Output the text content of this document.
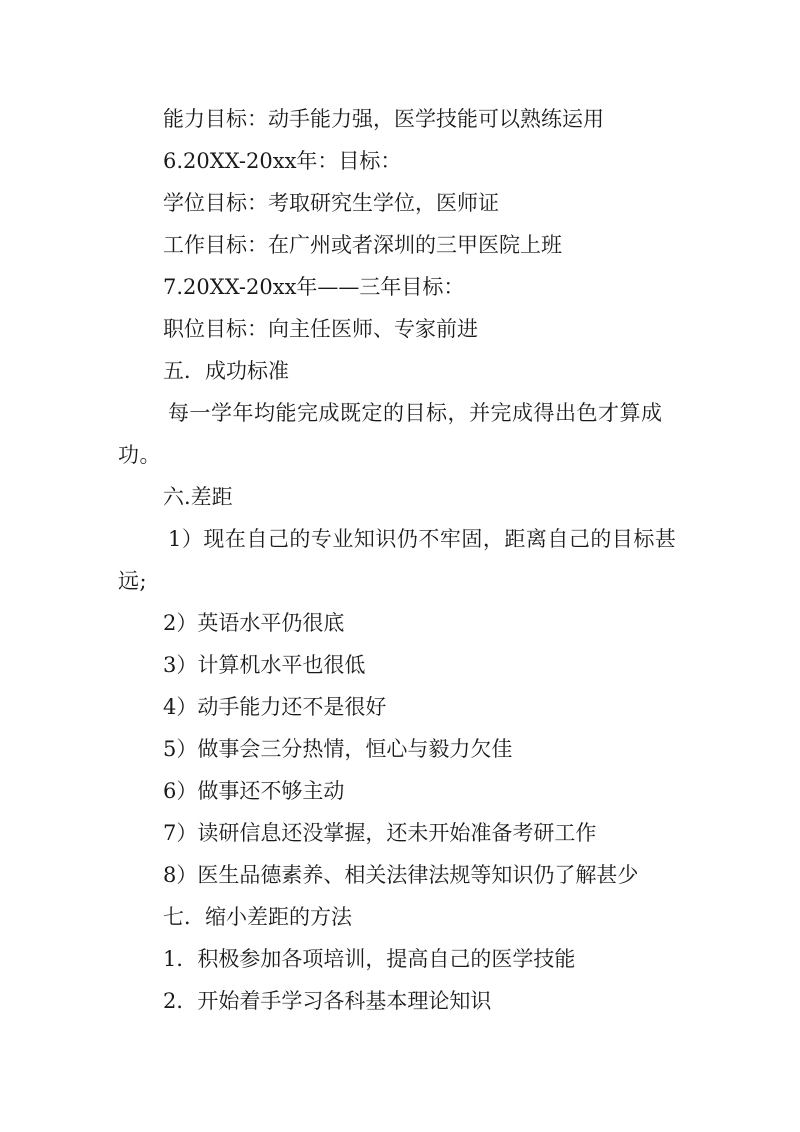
能力目标：动手能力强，医学技能可以熟练运用
6.20XX-20xx年：目标：
学位目标：考取研究生学位，医师证
工作目标：在广州或者深圳的三甲医院上班
7.20XX-20xx年——三年目标：
职位目标：向主任医师、专家前进
五．成功标准
每一学年均能完成既定的目标，并完成得出色才算成
功。
六.差距
1）现在自己的专业知识仍不牢固，距离自己的目标甚
远;
2）英语水平仍很底
3）计算机水平也很低
4）动手能力还不是很好
5）做事会三分热情，恒心与毅力欠佳
6）做事还不够主动
7）读研信息还没掌握，还未开始准备考研工作
8）医生品德素养、相关法律法规等知识仍了解甚少
七．缩小差距的方法
1．积极参加各项培训，提高自己的医学技能
2．开始着手学习各科基本理论知识
